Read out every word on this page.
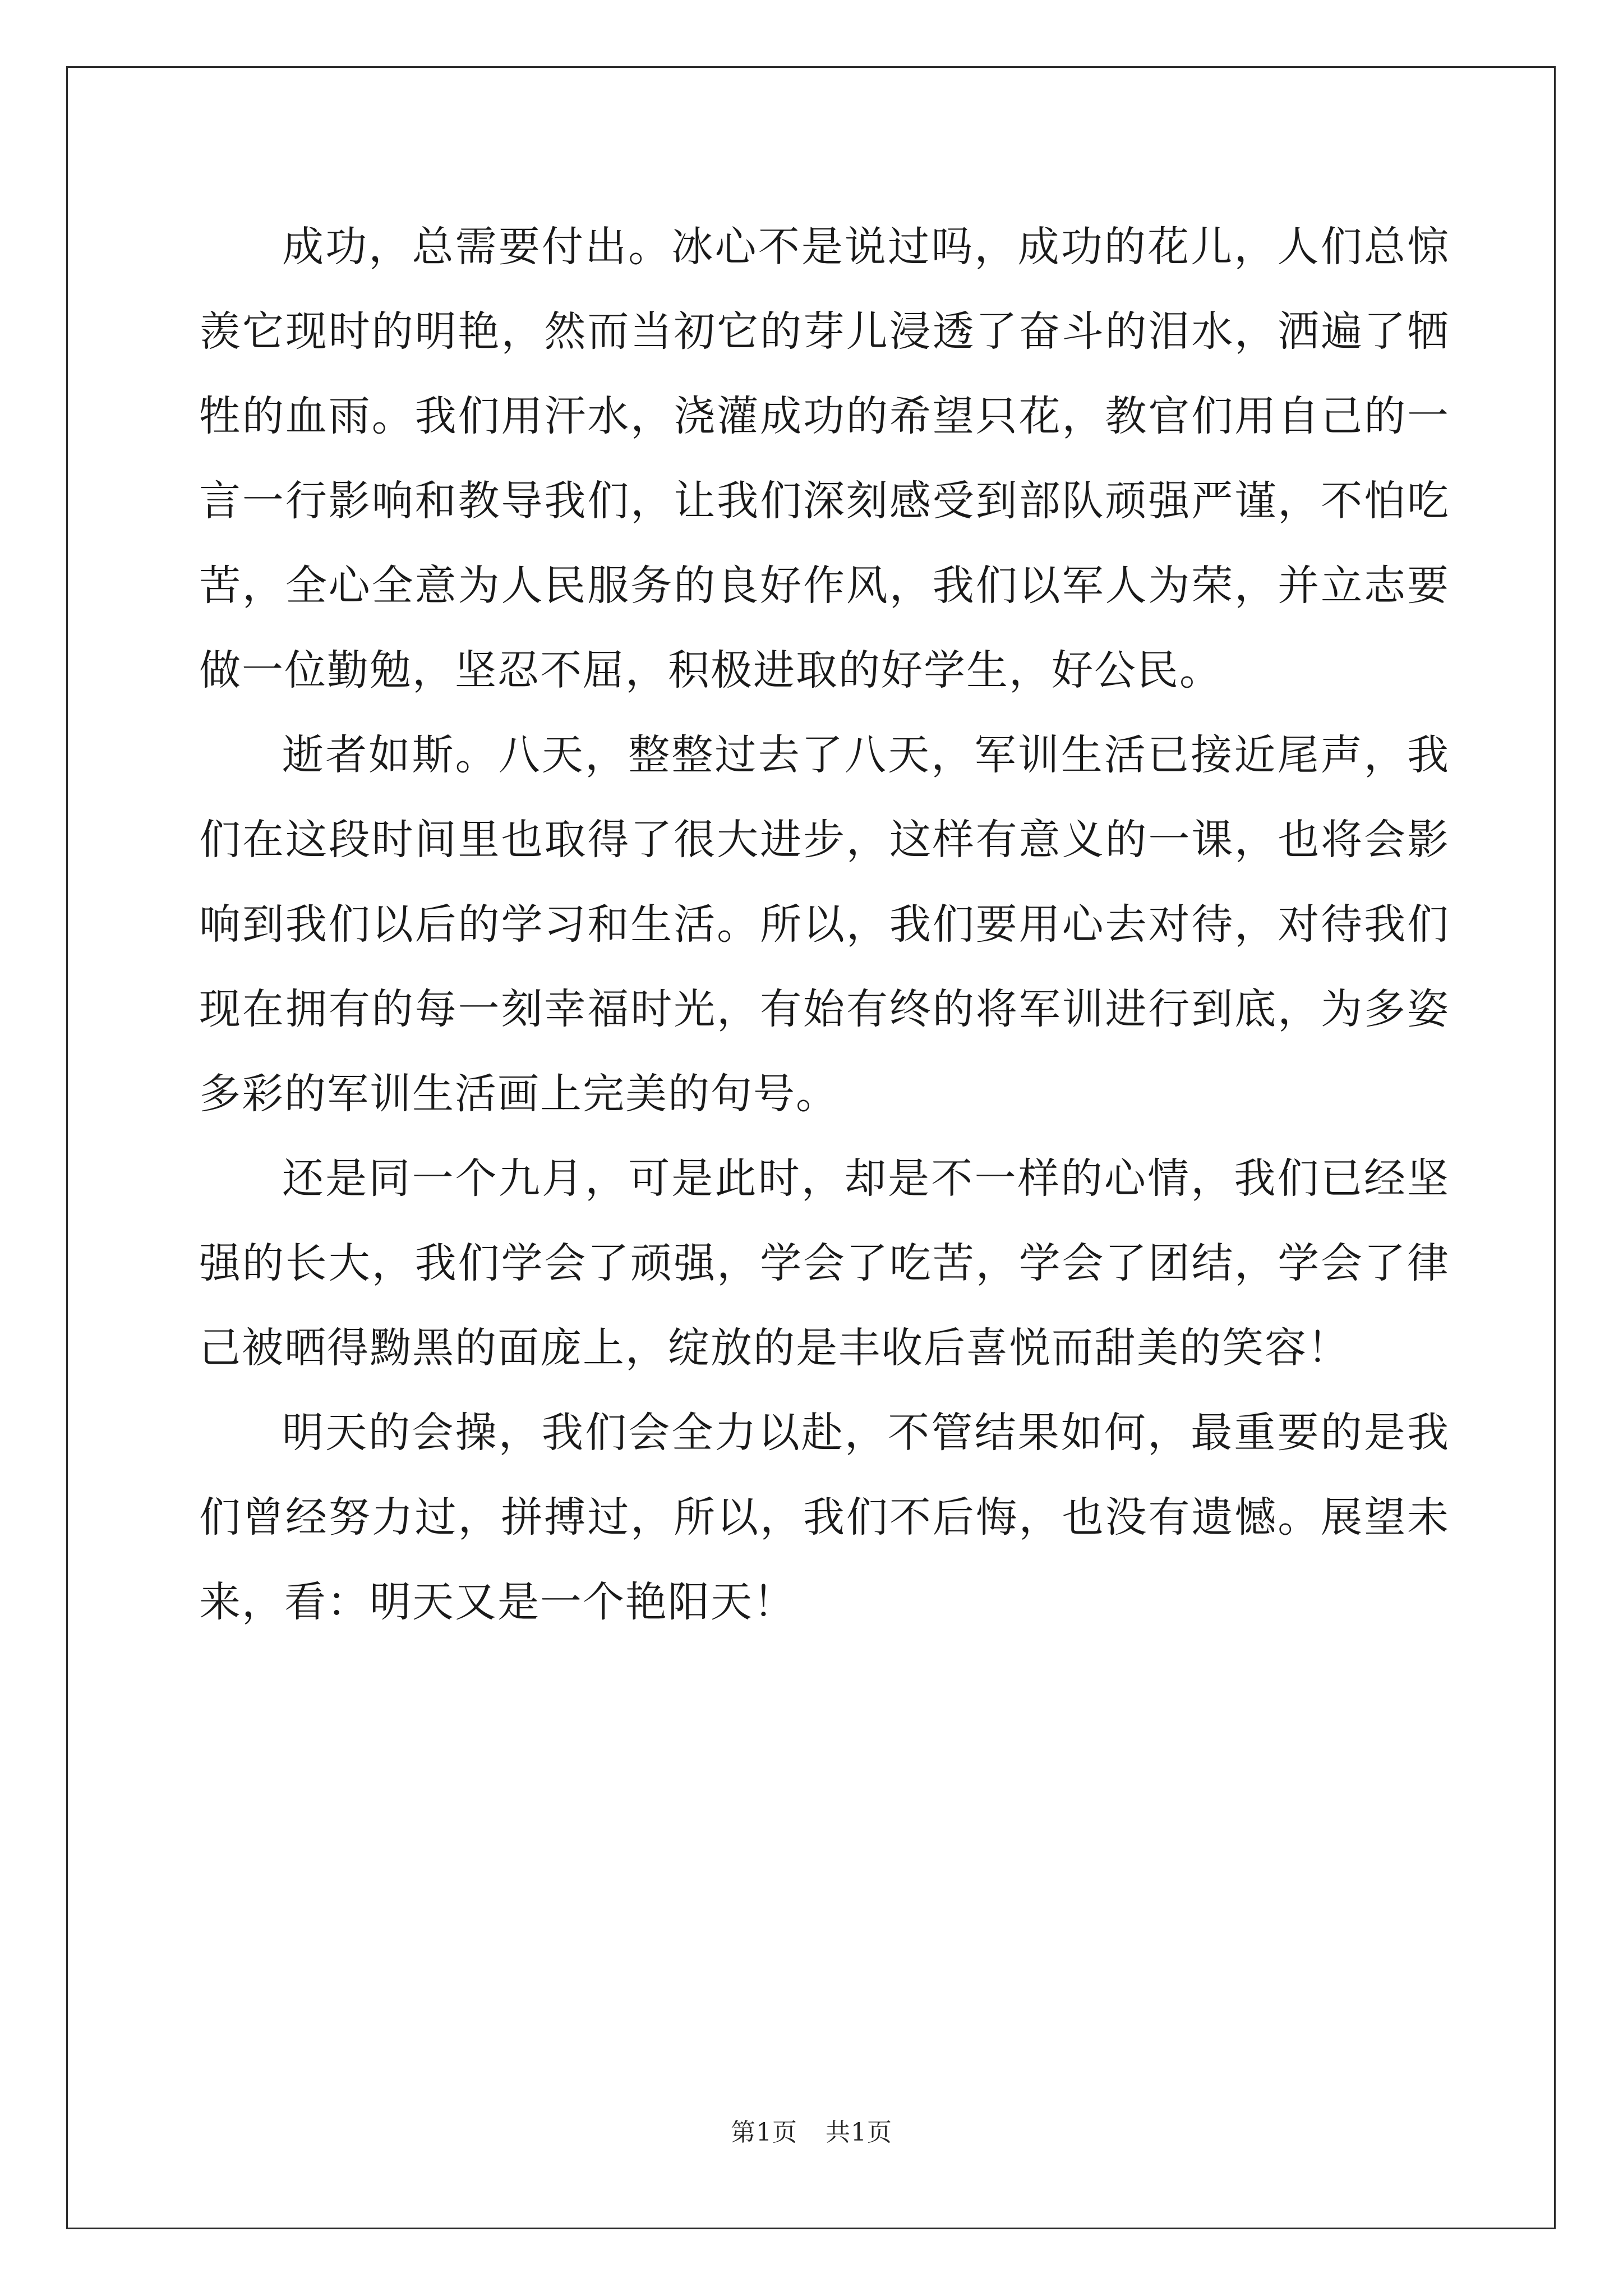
成功，总需要付出。冰心不是说过吗，成功的花儿，人们总惊羡它现时的明艳，然而当初它的芽儿浸透了奋斗的泪水，洒遍了牺牲的血雨。我们用汗水，浇灌成功的希望只花，教官们用自己的一言一行影响和教导我们，让我们深刻感受到部队顽强严谨，不怕吃苦，全心全意为人民服务的良好作风，我们以军人为荣，并立志要做一位勤勉，坚忍不屈，积极进取的好学生，好公民。

逝者如斯。八天，整整过去了八天，军训生活已接近尾声，我们在这段时间里也取得了很大进步，这样有意义的一课，也将会影响到我们以后的学习和生活。所以，我们要用心去对待，对待我们现在拥有的每一刻幸福时光，有始有终的将军训进行到底，为多姿多彩的军训生活画上完美的句号。

还是同一个九月，可是此时，却是不一样的心情，我们已经坚强的长大，我们学会了顽强，学会了吃苦，学会了团结，学会了律己被晒得黝黑的面庞上，绽放的是丰收后喜悦而甜美的笑容！

明天的会操，我们会全力以赴，不管结果如何，最重要的是我们曾经努力过，拼搏过，所以，我们不后悔，也没有遗憾。展望未来，看：明天又是一个艳阳天！

第1页 共1页
